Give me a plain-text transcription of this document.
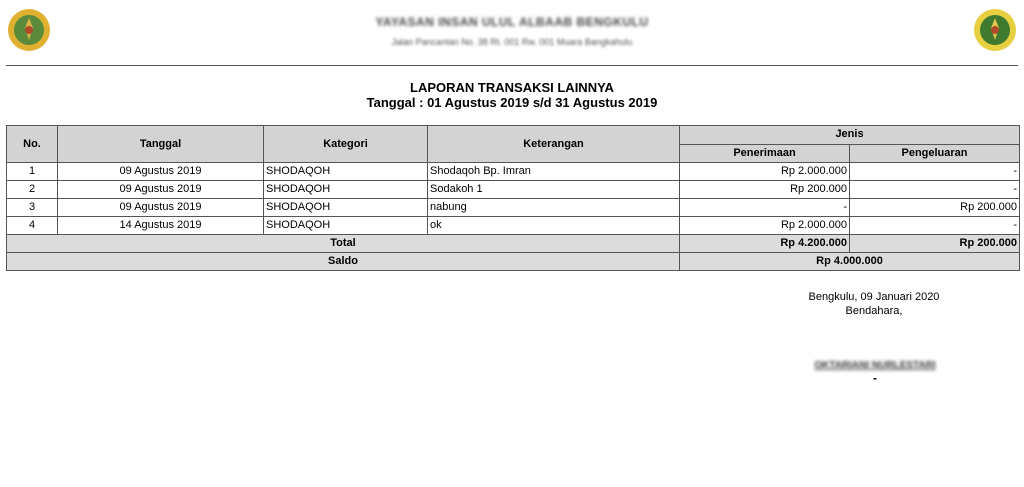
YAYASAN INSAN ULUL ALBAAB BENGKULU
Jalan Pancantan No. 38 Rt. 001 Rw. 001 Muara Bangkahulu
LAPORAN TRANSAKSI LAINNYA
Tanggal : 01 Agustus 2019 s/d 31 Agustus 2019
No.	Tanggal	Kategori	Keterangan	Jenis	
				Penerimaan	Pengeluaran
1	09 Agustus 2019	SHODAQOH	Shodaqoh Bp. Imran	Rp 2.000.000	-
2	09 Agustus 2019	SHODAQOH	Sodakoh 1	Rp 200.000	-
3	09 Agustus 2019	SHODAQOH	nabung	-	Rp 200.000
4	14 Agustus 2019	SHODAQOH	ok	Rp 2.000.000	-
Total				Rp 4.200.000	Rp 200.000
Saldo				Rp 4.000.000	
Bengkulu, 09 Januari 2020
Bendahara,
OKTARIANI NURLESTARI
-
